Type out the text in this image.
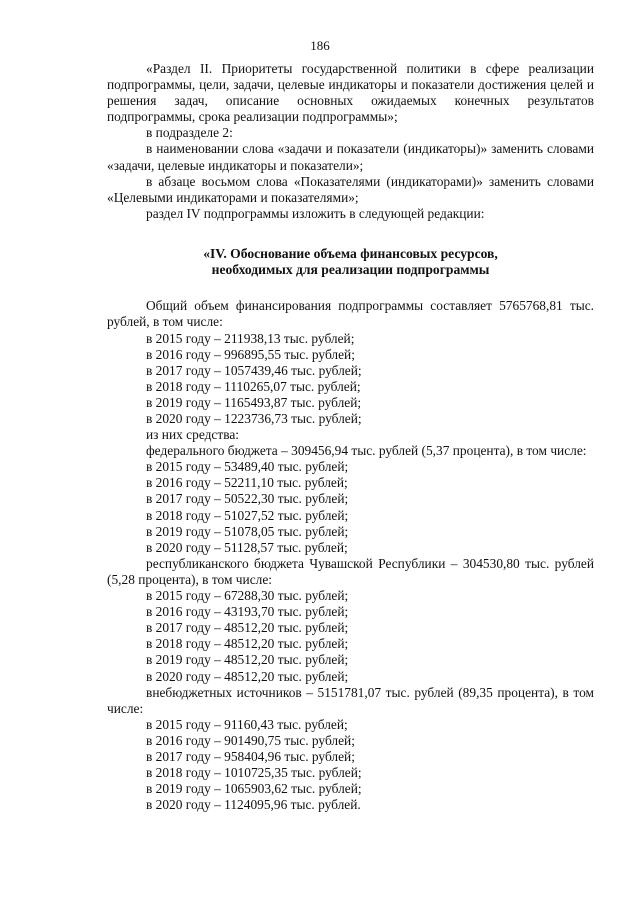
186

«Раздел II. Приоритеты государственной политики в сфере реализации подпрограммы, цели, задачи, целевые индикаторы и показатели достижения целей и решения задач, описание основных ожидаемых конечных результатов подпрограммы, срока реализации подпрограммы»;

в подразделе 2:

в наименовании слова «задачи и показатели (индикаторы)» заменить словами «задачи, целевые индикаторы и показатели»;

в абзаце восьмом слова «Показателями (индикаторами)» заменить словами «Целевыми индикаторами и показателями»;

раздел IV подпрограммы изложить в следующей редакции:

«IV. Обоснование объема финансовых ресурсов,
необходимых для реализации подпрограммы

Общий объем финансирования подпрограммы составляет 5765768,81 тыс. рублей, в том числе:

в 2015 году – 211938,13 тыс. рублей;

в 2016 году – 996895,55 тыс. рублей;

в 2017 году – 1057439,46 тыс. рублей;

в 2018 году – 1110265,07 тыс. рублей;

в 2019 году – 1165493,87 тыс. рублей;

в 2020 году – 1223736,73 тыс. рублей;

из них средства:

федерального бюджета – 309456,94 тыс. рублей (5,37 процента), в том числе:

в 2015 году – 53489,40 тыс. рублей;

в 2016 году – 52211,10 тыс. рублей;

в 2017 году – 50522,30 тыс. рублей;

в 2018 году – 51027,52 тыс. рублей;

в 2019 году – 51078,05 тыс. рублей;

в 2020 году – 51128,57 тыс. рублей;

республиканского бюджета Чувашской Республики – 304530,80 тыс. рублей (5,28 процента), в том числе:

в 2015 году – 67288,30 тыс. рублей;

в 2016 году – 43193,70 тыс. рублей;

в 2017 году – 48512,20 тыс. рублей;

в 2018 году – 48512,20 тыс. рублей;

в 2019 году – 48512,20 тыс. рублей;

в 2020 году – 48512,20 тыс. рублей;

внебюджетных источников – 5151781,07 тыс. рублей (89,35 процента), в том числе:

в 2015 году – 91160,43 тыс. рублей;

в 2016 году – 901490,75 тыс. рублей;

в 2017 году – 958404,96 тыс. рублей;

в 2018 году – 1010725,35 тыс. рублей;

в 2019 году – 1065903,62 тыс. рублей;

в 2020 году – 1124095,96 тыс. рублей.
